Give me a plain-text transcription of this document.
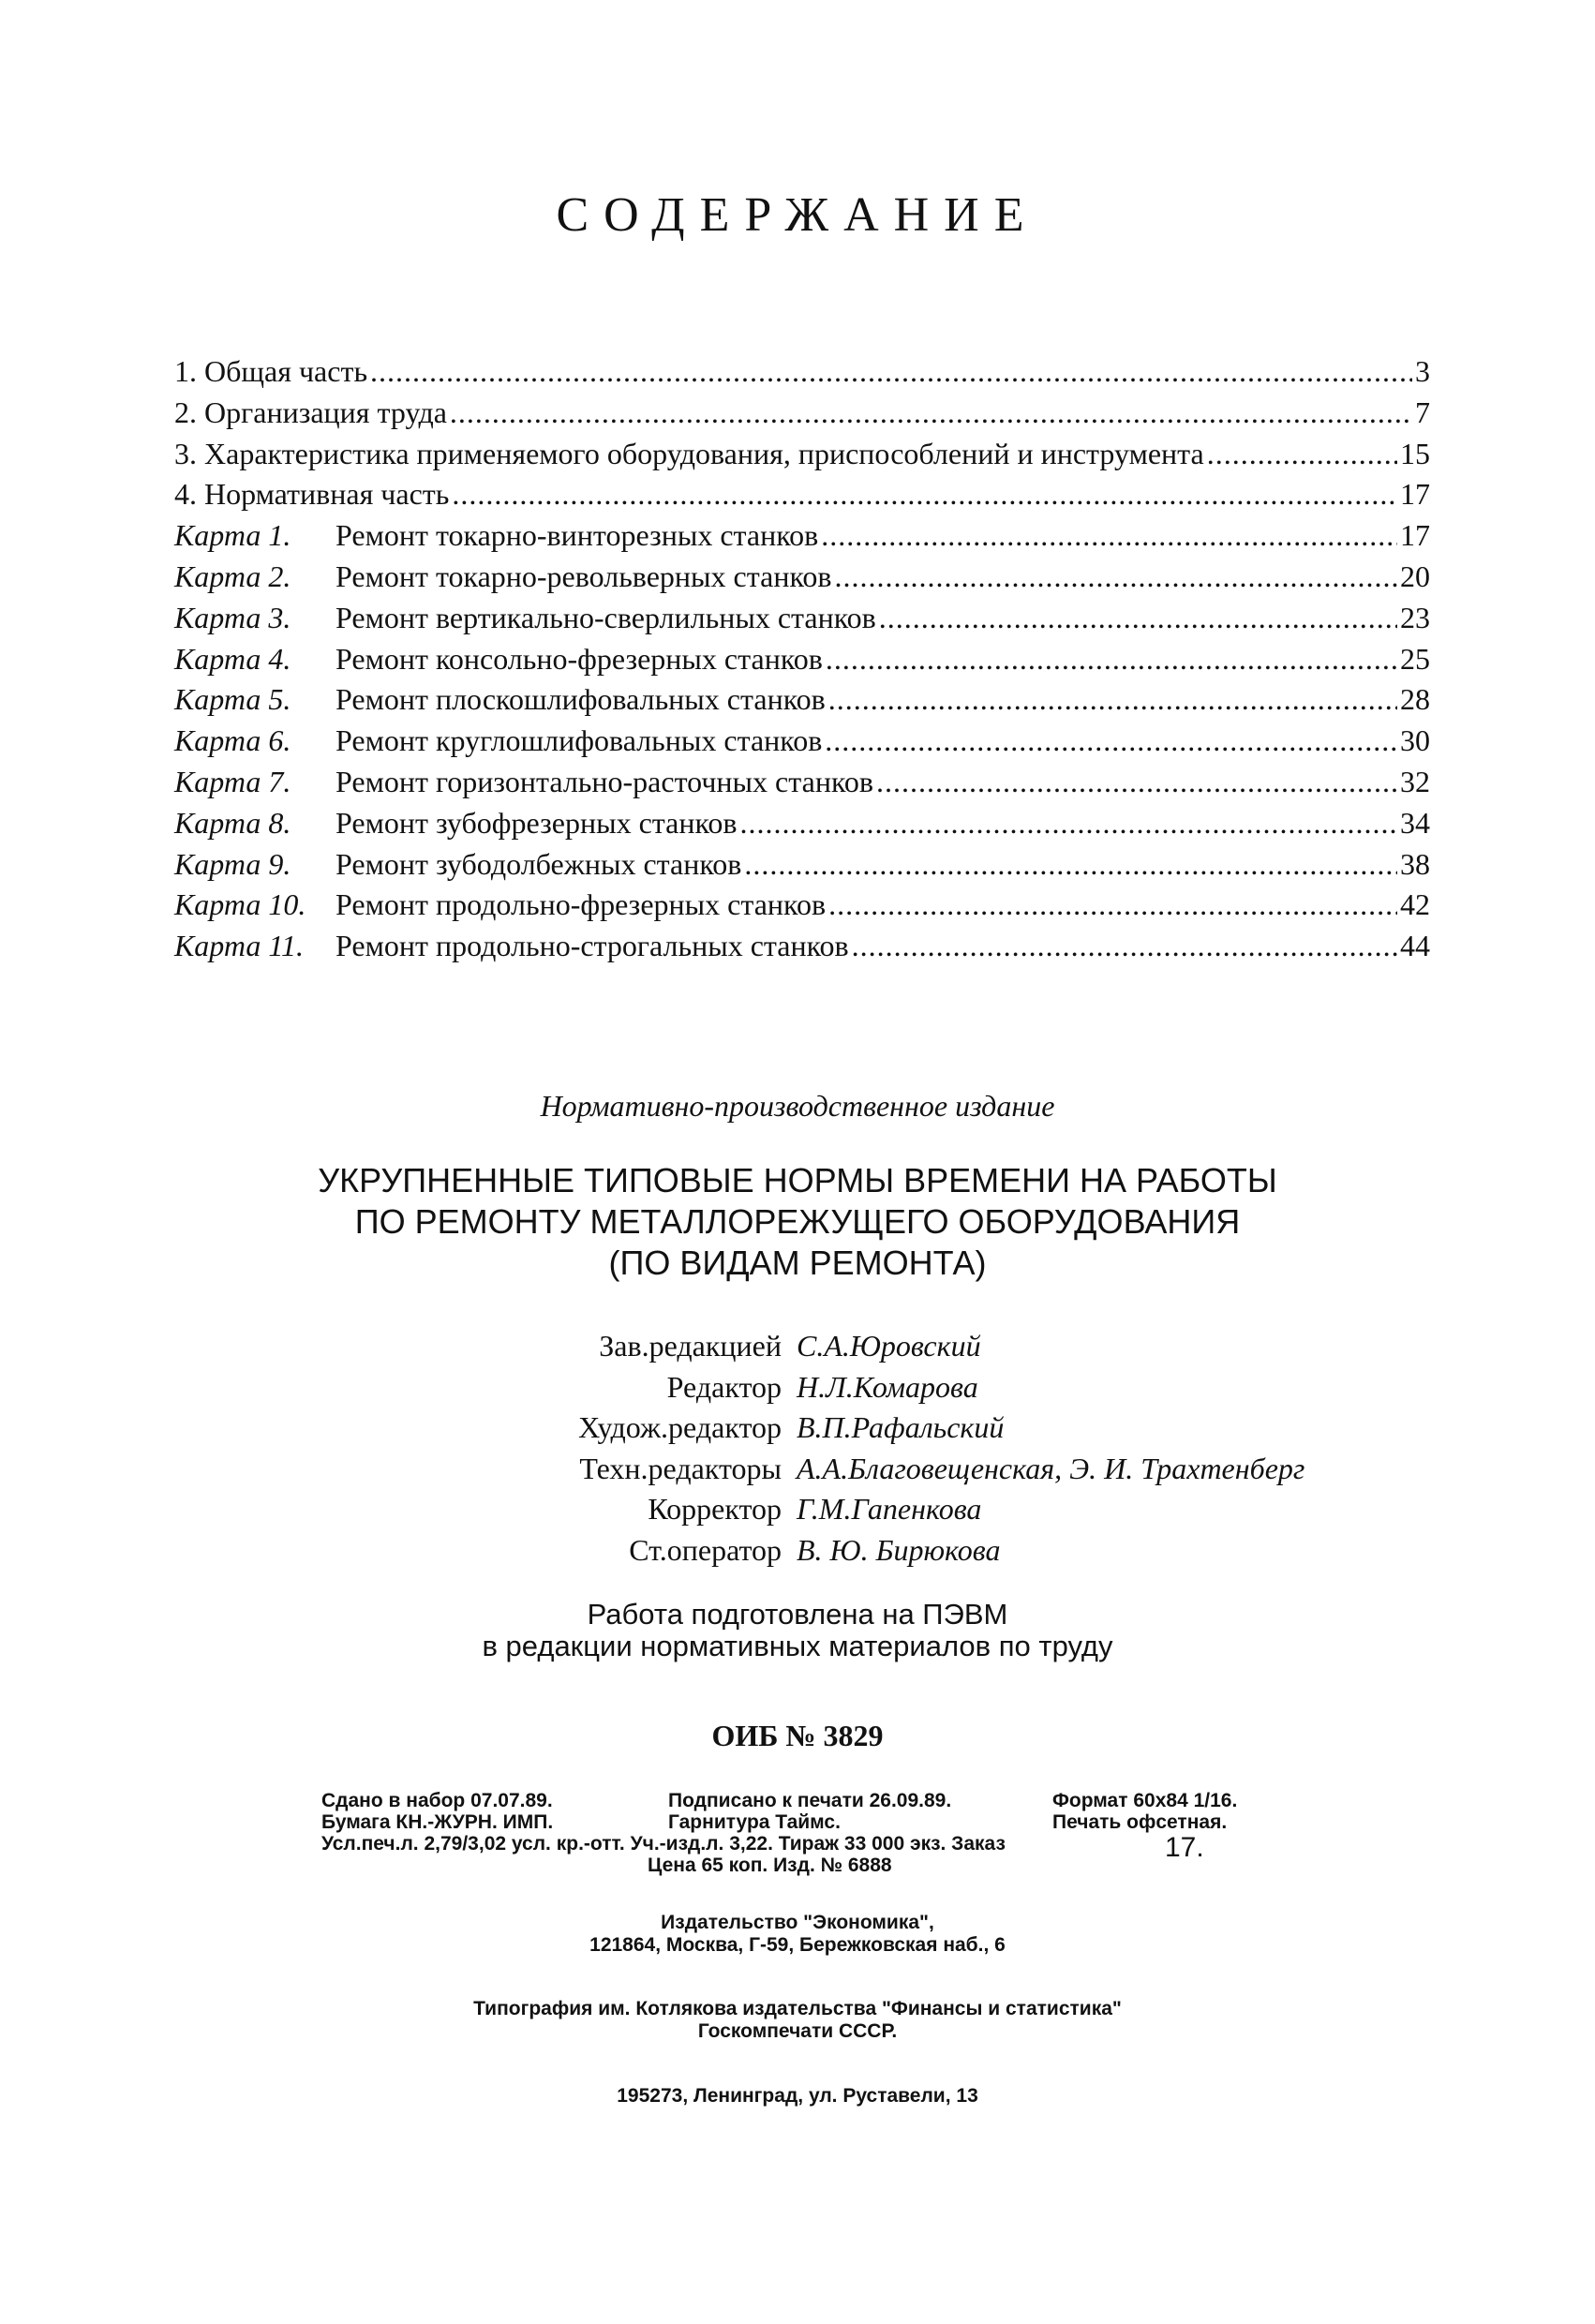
СОДЕРЖАНИЕ
1. Общая часть .....	3
2. Организация труда .....	7
3. Характеристика применяемого оборудования, приспособлений и инструмента .....	15
4. Нормативная часть .....	17
Карта 1.	Ремонт токарно-винторезных станков .....	17
Карта 2.	Ремонт токарно-револьверных станков .....	20
Карта 3.	Ремонт вертикально-сверлильных станков .....	23
Карта 4.	Ремонт консольно-фрезерных станков .....	25
Карта 5.	Ремонт плоскошлифовальных станков .....	28
Карта 6.	Ремонт круглошлифовальных станков .....	30
Карта 7.	Ремонт горизонтально-расточных станков .....	32
Карта 8.	Ремонт зубофрезерных станков .....	34
Карта 9.	Ремонт зубодолбежных станков .....	38
Карта 10. Ремонт продольно-фрезерных станков .....	42
Карта 11.	Ремонт продольно-строгальных станков .....	44
Нормативно-производственное издание
УКРУПНЕННЫЕ ТИПОВЫЕ НОРМЫ ВРЕМЕНИ НА РАБОТЫ
ПО РЕМОНТУ МЕТАЛЛОРЕЖУЩЕГО ОБОРУДОВАНИЯ
(ПО ВИДАМ РЕМОНТА)
Зав.редакцией С.А.Юровский
Редактор Н.Л.Комарова
Худож.редактор В.П.Рафальский
Техн.редакторы А.А.Благовещенская, Э. И. Трахтенберг
Корректор Г.М.Гапенкова
Ст.оператор В. Ю. Бирюкова
Работа подготовлена на ПЭВМ
в редакции нормативных материалов по труду
ОИБ № 3829
Сдано в набор 07.07.89.	Подписано к печати 26.09.89.	Формат 60x84 1/16.
Бумага КН.-ЖУРН. ИМП.	Гарнитура Таймс.	Печать офсетная.
Усл.печ.л. 2,79/3,02 усл. кр.-отт. Уч.-изд.л. 3,22. Тираж 33 000 экз. Заказ	17.
Цена 65 коп. Изд. № 6888
Издательство "Экономика",
121864, Москва, Г-59, Бережковская наб., 6
Типография им. Котлякова издательства "Финансы и статистика"
Госкомпечати СССР.
195273, Ленинград, ул. Руставели, 13
